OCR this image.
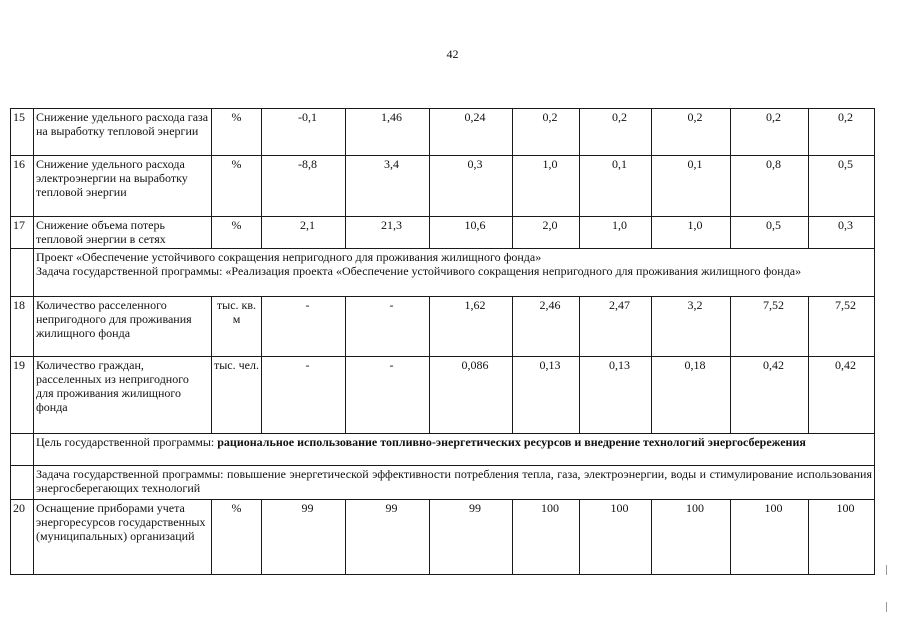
42
15	Снижение удельного расхода газа на выработку тепловой энергии	%	-0,1	1,46	0,24	0,2	0,2	0,2	0,2	0,2
16	Снижение удельного расхода электроэнергии на выработку тепловой энергии	%	-8,8	3,4	0,3	1,0	0,1	0,1	0,8	0,5
17	Снижение объема потерь тепловой энергии в сетях	%	2,1	21,3	10,6	2,0	1,0	1,0	0,5	0,3

	Проект «Обеспечение устойчивого сокращения непригодного для проживания жилищного фонда»
Задача государственной программы: «Реализация проекта «Обеспечение устойчивого сокращения непригодного для проживания жилищного фонда»									

18	Количество расселенного непригодного для проживания жилищного фонда	тыс. кв. м	-	-	1,62	2,46	2,47	3,2	7,52	7,52
19	Количество граждан, расселенных из непригодного для проживания жилищного фонда	тыс. чел.	-	-	0,086	0,13	0,13	0,18	0,42	0,42
	Цель государственной программы: рациональное использование топливно-энергетических ресурсов и внедрение технологий энергосбережения									

	Задача государственной программы: повышение энергетической эффективности потребления тепла, газа, электроэнергии, воды и стимулирование использования энергосберегающих технологий									

20	Оснащение приборами учета энергоресурсов государственных (муниципальных) организаций	%	99	99	99	100	100	100	100	100
